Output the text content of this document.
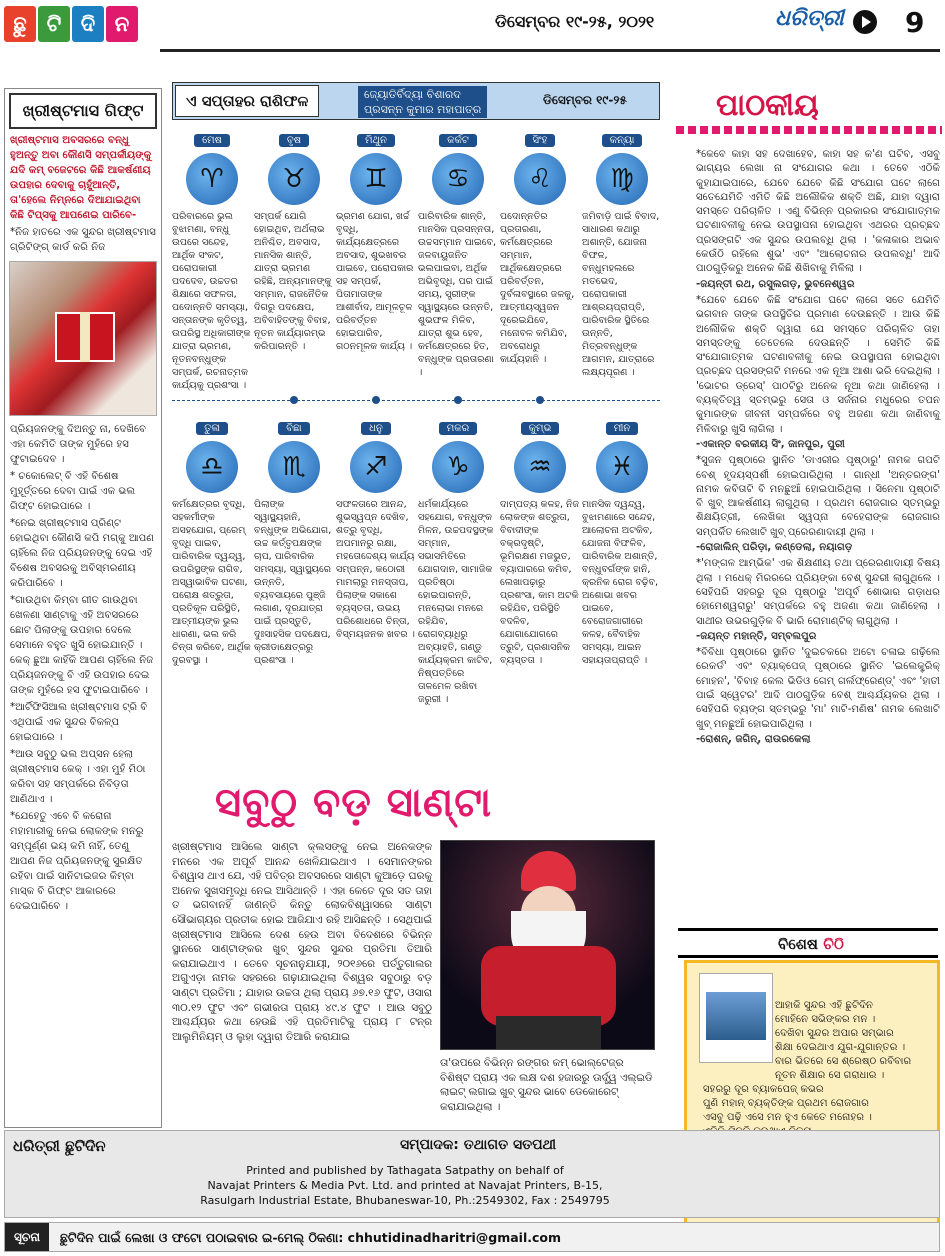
ଛୁ ଟି ଦି ନ	ଡିସେମ୍ବର ୧୯-୨୫, ୨୦୨୧	ଧରିତ୍ରୀ 9
ଖ୍ରୀଷ୍ଟମାସ ଗିଫ୍ଟ

ଖ୍ରୀଷ୍ଟମାସ ଅବସରରେ ବନ୍ଧୁ ହୁଅନ୍ତୁ ଅବା କୌଣସି ସମ୍ପର୍କୀୟଙ୍କୁ ଯଦି କମ୍ ବଜେଟରେ କିଛି ଆକର୍ଷଣୀୟ ଉପହାର ଦେବାକୁ ଚାହୁଁଆନ୍ତି, ତା'ହେଲେ ନିମ୍ନରେ ଦିଆଯାଇଥିବା କିଛି ଟିପ୍ସକୁ ଆପଣେଇ ପାରିବେ-

*ନିଜ ହାତରେ ଏକ ସୁନ୍ଦର ଖ୍ରୀଷ୍ଟମାସ ଗ୍ରିଟିଙ୍ଗ୍ କାର୍ଡ କରି ନିଜ

ପ୍ରିୟଜନଙ୍କୁ ଦିଅନ୍ତୁ ନା, ଦେଖିବେ ଏହା କେମିତି ତାଙ୍କ ମୁହଁରେ ହସ ଫୁଟାଇଦେବ ।

* ଚକୋଲେଟ୍ ବି ଏହି ବିଶେଷ ମୁହୂର୍ତ୍ତରେ ଦେବା ପାଇଁ ଏକ ଭଲ ଗିଫ୍ଟ ହୋଇପାରେ ।

*ନେଇ ଖ୍ରୀଷ୍ଟମାସ ପ୍ରିଣ୍ଟ ହୋଇଥିବା କୌଣସି କପି ମଗ୍‌କୁ ଆପଣ ଚାହିଁଲେ ନିଜ ପ୍ରିୟଜନଙ୍କୁ ଦେଇ ଏହି ବିଶେଷ ଅବସରକୁ ଅବିସ୍ମରଣୀୟ କରିପାରିବେ ।

*ଗାଉଥିବା କିମ୍ବା ଗୀତ ଗାଉଥିବା ଖେଳଣା ସାଣ୍ଟାକୁ ଏହି ଅବସରରେ ଛୋଟ ପିଲାଙ୍କୁ ଉପହାର ଦେଲେ ସେମାନେ ବହୁତ ଖୁସି ହୋଇଯାନ୍ତି । କେକ୍ ଛୁଆ କାହିଁକି ଆପଣ ଚାହିଁଲେ ନିଜ ପ୍ରିୟଜନଙ୍କୁ ବି ଏହି ଉପହାର ଦେଇ ତାଙ୍କ ମୁହଁରେ ହସ ଫୁଟାଇପାରିବେ ।

*ଆର୍ଟିଫିସିଆଲ ଖ୍ରୀଷ୍ଟମାସ ଟ୍ରି ବି ଏଥିପାଇଁ ଏକ ସୁନ୍ଦର ବିକଳ୍ପ ହୋଇପାରେ ।

*ଆଉ ସବୁଠୁ ଭଲ ଅପ୍ସନ ହେଲା ଖ୍ରୀଷ୍ଟମାସ କେକ୍ । ଏହା ମୁହଁ ମିଠା କରିବା ସହ ସମ୍ପର୍କରେ ନିବିଡ଼ତା ଆଣିଥାଏ ।

*ଯେହେତୁ ଏବେ ବି କରୋନା ମହାମାରୀକୁ ନେଇ ଲୋକଙ୍କ ମନରୁ ସମ୍ପୂର୍ଣ୍ଣ ଭୟ କମି ନାହିଁ, ତେଣୁ ଆପଣ ନିଜ ପ୍ରିୟଜନଙ୍କୁ ସୁରକ୍ଷିତ ରହିବା ପାଇଁ ସାନିଟାଇଜର କିମ୍ବା ମାସ୍କ ବି ଗିଫ୍ଟ ଆକାରରେ ଦେଇପାରିବେ ।

ଏ ସପ୍ତାହର ରାଶିଫଳ	ଜ୍ୟୋତିର୍ବିଦ୍ୟା ବିଶାରଦ
ପ୍ରସନ୍ନ କୁମାର ମହାପାତ୍ର
ଡିସେମ୍ବର ୧୯-୨୫
ମେଷ
♈
ପରିବାରରେ ଭୁଲ ବୁଝାମଣା, ବନ୍ଧୁ ଉପରେ ସନ୍ଦେହ, ଆର୍ଥିକ ସଂକଟ, ପରୋପକାରୀ ପଦଦେବ, ଉଚ୍ଚତର ଶିକ୍ଷାରେ ସଫଳତା, ପଦୋନ୍ନତି ସମସ୍ୟା, ସନ୍ତାନଙ୍କ କୃତିତ୍ୱ, ଉପରିସ୍ଥ ଅଧିକାରୀଙ୍କ ଯାତ୍ରା ଭ୍ରମଣ, ନୂତନବନ୍ଧୁଙ୍କ ସମ୍ପର୍କ, ରଚନାତ୍ମକ କାର୍ଯ୍ୟକୁ ପ୍ରଶଂସା ।
ବୃଷ
♉
ସମ୍ପର୍କ ଯୋଗି ହୋଇଥିବ, ଅର୍ଥଲାଭ ଅନିଶ୍ଚିତ, ଅବସାଦ, ମାନସିକ ଶାନ୍ତି, ଯାତ୍ରା ଭ୍ରମଣ ରହିଛି, ଅନ୍ୟମାନଙ୍କୁ ସମ୍ମାନ, ରାଜନୈତିକ ଦିଗରୁ ପଦକ୍ଷେପ, ଅବିବାହିତଙ୍କୁ ବିବାହ, ନୂତନ କାର୍ଯ୍ୟାରମ୍ଭ କରିପାରନ୍ତି ।
ମିଥୁନ
♊
ଭ୍ରମଣ ଯୋଗ, ଖର୍ଚ୍ଚ ବୃଦ୍ଧି, କାର୍ଯ୍ୟକ୍ଷେତ୍ରରେ ଅବସାଦ, ଶୁଭଖବର ପାଇବେ, ପରୋପକାର ସହ ସମ୍ପର୍କ, ପିତାମାତାଙ୍କ ଆଶୀର୍ବାଦ, ଆମୂଳଚୂଳ ପରିବର୍ତ୍ତନ ହୋଇପାରିବ, ଗଠନମୂଳକ କାର୍ଯ୍ୟ ।
କର୍କଟ
♋
ପାରିବାରିକ ଶାନ୍ତି, ମାନସିକ ପ୍ରସନ୍ନତା, ଉଚ୍ଚସମ୍ମାନ ପାଇବେ, ଜଳବାୟୁଜନିତ ଭଲପାଇବା, ଅର୍ଥିକ ଅଭିବୃଦ୍ଧି, ପର ପାଇଁ ସମୟ, ସ୍ତ୍ରୀଙ୍କ ସ୍ୱାସ୍ଥ୍ୟରେ ଉନ୍ନତି, ଶୁଭଫଳ ମିଳିବ, ଯାତ୍ରା ଶୁଭ ହେବ, କର୍ମକ୍ଷେତ୍ରରେ ହିତ, ବନ୍ଧୁଙ୍କ ପ୍ରତାରଣା ।
ସିଂହ
♌
ପଦୋନ୍ନତିର ପ୍ରତାରଣା, କର୍ମକ୍ଷେତ୍ରରେ ସମ୍ମାନ, ଆର୍ଥିକକ୍ଷେତ୍ରରେ ପରିବର୍ତ୍ତନ, ଦୁର୍ବଳାବସ୍ଥାରେ ଜଳକୁ, ଆତ୍ମୀୟସ୍ୱଜନ ଦୂରେଇଯିବେ, ମନୋବଳ କମିଯିବ, ଅବରୋଧରୁ କାର୍ଯ୍ୟହାନି ।
କନ୍ୟା
♍
ଜମିବାଡ଼ି ପାଇଁ ବିବାଦ, ସାଧାରଣ କଥାରୁ ଅଶାନ୍ତି, ଯୋଜନା ବିଫଳ, ବନ୍ଧୁମହଲରେ ମତଭେଦ, ପରୋପକାରୀ ଆଶ୍ରୟପ୍ରାପ୍ତି, ପାରିବାରିକ ସ୍ଥିତିରେ ଉନ୍ନତି, ମିତ୍ରବନ୍ଧୁଙ୍କ ଆଗମନ, ଯାତ୍ରାରେ ଲକ୍ଷ୍ୟପୂରଣ ।
ତୁଳା
♎
କର୍ମକ୍ଷେତ୍ରର ବୃଦ୍ଧି, ସହକର୍ମୀଙ୍କ ଅସହଯୋଗ, ପ୍ରେମ୍ ବୃଦ୍ଧି ପାଇବ, ପାରିବାରିକ ଦ୍ୱନ୍ଦ୍ୱ, ଉପରିସ୍ଥଙ୍କ ରାଗିବ, ଅସ୍ୱାଭାବିକ ଘଟଣା, ପରୋକ୍ଷ ଶତ୍ରୁତା, ପ୍ରତିକୂଳ ପରିସ୍ଥିତି, ଆତ୍ମୀୟଙ୍କ ଭୁଲ ଧାରଣା, ଭଲ କରି ଚିନ୍ତା କରିବେ, ଆର୍ଥିକ ଦୁରବସ୍ଥା ।
ବିଛା
♏
ପିଲାଙ୍କ ସ୍ୱାସ୍ଥ୍ୟହାନି, ବନ୍ଧୁଙ୍କ ଅଭିଯୋଗ, ଉଚ୍ଚ କର୍ତ୍ତୃପକ୍ଷଙ୍କ ଚାପ, ପାରିବାରିକ ସମସ୍ୟା, ସ୍ୱାସ୍ଥ୍ୟରେ ଉନ୍ନତି, ବ୍ୟବସାୟରେ ପୁଞ୍ଜି ଲଗାଣ, ଦୂରଯାତ୍ରା ପାଇଁ ପ୍ରସ୍ତୁତି, ଦୁଃସାହସିକ ପଦକ୍ଷେପ, କ୍ରୀଡାକ୍ଷେତ୍ରରୁ ପ୍ରଶଂସା ।
ଧନୁ
♐
ସଫଳତାରେ ଆନନ୍ଦ, ଶୁଭସ୍ୱପ୍ନ ଦେଖିବ, ଶତ୍ରୁ ବୃଦ୍ଧି, ଅପମାନରୁ ରକ୍ଷା, ମହତୋଦ୍ଦେଶ୍ୟ କାର୍ଯ୍ୟ ସମ୍ପନ୍ନ, କଠୋରୀ ମାମଲାରୁ ମନସ୍ତାପ, ପିଲାଙ୍କ ସକାଶେ ବ୍ୟସ୍ତତା, ଉଭୟ ପରିଶୋଧରେ ଚିନ୍ତା, ବିସ୍ମୟଜନକ ଖବର ।
ମକର
♑
ଧର୍ମକାର୍ଯ୍ୟରେ ସହଯୋଗ, ବନ୍ଧୁଙ୍କ ମିଳନ, ଉଚ୍ଚପଦସ୍ଥଙ୍କ ସମ୍ମାନ, ସଭାସମିତିରେ ଯୋଗଦାନ, ସାମାଜିକ ପ୍ରତିଷ୍ଠା ହୋଇପାରନ୍ତି, ମନଲୋଭା ମନରେ ରହିଯିବ, ରୋଗବ୍ୟାଧିରୁ ଅବ୍ୟାହତି, ଗଣ୍ଡୁ କାର୍ଯ୍ୟକ୍ରମ କାଟିବ, ନିଷ୍ପତ୍ତିରେ ତାଳମେଳ ରଖିବା ଜରୁରୀ ।
କୁମ୍ଭ
♒
ଦାମ୍ପତ୍ୟ କଳହ, ନିଜ ଲୋକଙ୍କ ଶତ୍ରୁତା, ବିବାଦୀଙ୍କ ବକ୍ରଦୃଷ୍ଟି, ଭୂମିରକ୍ଷଣ ମଜଭୁତ, ବ୍ୟାପାରରେ କମିବ, ଲେଖାପଢ଼ାରୁ ପ୍ରଶଂସା, କାମ ଅଟକି ରହିଯିବ, ପରିସ୍ଥିତି ବଦଳିବ, ଯୋଗାଯୋଗରେ ତ୍ରୁଟି, ପ୍ରଶାସନିକ ବ୍ୟସ୍ତତା ।
ମୀନ
♓
ମାନସିକ ଦ୍ୱନ୍ଦ୍ୱ, ବୁଝାମଣାରେ ସନ୍ଦେହ, ଆଲୋଚନା ଅଟକିବ, ଯୋଜନା ବିଫଳିବ, ପାରିବାରିକ ଅଶାନ୍ତି, ବନ୍ଧୁବର୍ଗଙ୍କ ହାନି, କ୍ରନିକ ରୋଗ ବଢ଼ିବ, ଅଶୋଭା ଖବର ପାଇବେ, ବେରୋଜଗାରୀରେ କଳହ, ବୈବାହିକ ସମସ୍ୟା, ଆଇନ ସହାୟତାପ୍ରାପ୍ତି ।
ସବୁଠୁ ବଡ଼ ସାଣ୍ଟା
ଖ୍ରୀଷ୍ଟମାସ ଆସିଲେ ସାଣ୍ଟା କ୍ଲସଙ୍କୁ ନେଇ ଅନେକଙ୍କ ମନରେ ଏକ ଅପୂର୍ବ ଆନନ୍ଦ ଖେଳିଯାଇଥାଏ । ସେମାନଙ୍କର ବିଶ୍ୱାସ ଥାଏ ଯେ, ଏହି ପବିତ୍ର ଅବସରରେ ସାଣ୍ଟା କୁଆଡ଼େ ଘରକୁ ଅନେକ ସୁଖସମୃଦ୍ଧି ନେଇ ଆସିଥାନ୍ତି । ଏହା କେତେ ଦୂର ସତ ତାହା ତ ଭଗବାନହିଁ ଜାଣନ୍ତି କିନ୍ତୁ ଲୋକବିଶ୍ୱାସରେ ସାଣ୍ଟା ସୌଭାଗ୍ୟର ପ୍ରତୀକ ହୋଇ ଆଜିଯାଏ ରହି ଆସିଛନ୍ତି । ସେଥିପାଇଁ ଖ୍ରୀଷ୍ଟମାସ ଆସିଲେ ଦେଶ ହେଉ ଅବା ବିଦେଶରେ ବିଭିନ୍ନ ସ୍ଥାନରେ ସାଣ୍ଟାଙ୍କର ଖୁବ୍ ସୁନ୍ଦର ସୁନ୍ଦର ପ୍ରତିମା ତିଆରି କରାଯାଇଥାଏ । ତେବେ ସୂଚନାନୁଯାୟୀ, ୨୦୧୬ରେ ପର୍ତ୍ତୁଗାଲର ଅଗୁଏଡ଼ା ନାମକ ସହରରେ ଗଢ଼ାଯାଇଥିଲା ବିଶ୍ୱର ସବୁଠାରୁ ବଡ଼ ସାଣ୍ଟା ପ୍ରତିମା ; ଯାହାର ଉଚ୍ଚତା ଥିଲା ପ୍ରାୟ ୬୭.୧୬ ଫୁଟ, ଓସାରା ୩୦.୧୨ ଫୁଟ ଏବଂ ଗଭୀରତା ପ୍ରାୟ ୪୯.୪ ଫୁଟ । ଆଉ ସବୁଠୁ ଆଶ୍ଚର୍ଯ୍ୟର କଥା ହେଉଛି ଏହି ପ୍ରତିମାଟିକୁ ପ୍ରାୟ ୮ ଟନ୍ର ଆଲୁମିନିୟମ୍ ଓ ଲୁହା ଦ୍ୱାରା ତିଆରି କରାଯାଇ
ତା'ଉପରେ ବିଭିନ୍ନ ରଙ୍ଗର କମ୍ ଭୋଲ୍ଟେଜ୍ର ବିଶିଷ୍ଟ ପ୍ରାୟ ଏକ ଲକ୍ଷ ଦଶ ହଜାରରୁ ଊର୍ଦ୍ଧ୍ୱ ଏଲ୍ଇଡି ଲାଇଟ୍ ଲଗାଇ ଖୁବ୍ ସୁନ୍ଦର ଭାବେ ଡେକୋରେଟ୍ କରାଯାଇଥିଲା ।
ପାଠକୀୟ
*କେବେ କାହା ସହ ଦେଖାହେବ, କାହା ସହ କ'ଣ ଘଟିବ, ଏସବୁ ଭାଗ୍ୟର ଲେଖା ନା ସଂଯୋଗର କଥା । ତେବେ ଏଠିକି କୁହାଯାଇପାରେ, ଯେବେ ଯେବେ କିଛି ସଂଯୋଗ ଘଟେ ଲାଗେ ସତେଯେମିତି ଏମିତି କିଛି ଅଲୌକିକ ଶକ୍ତି ଅଛି, ଯାହା ଦ୍ୱାରା ସମସ୍ତେ ପରିଚାଳିତ । ଏଣୁ ବିଭିନ୍ନ ପ୍ରକାରର ସଂଯୋଗାତ୍ମକ ଘଟଣାବଳୀକୁ ନେଇ ଉପସ୍ଥାପନା ହୋଇଥିବା ଏଥରର ପ୍ରଚ୍ଛଦ ପ୍ରସଙ୍ଗଟି ଏକ ସୁନ୍ଦର ଉପଲବ୍ଧି ଥିଲା । 'କଳାକାର ଅଭାବ କେଉଁଠି ରହିଲେ ଶୁଭ' ଏବଂ 'ଆଲୋଚନାର ଉପଲବ୍ଧି' ଆଦି ପାଠଗୁଡ଼ିକରୁ ଅନେକ କିଛି ଶିଖିବାକୁ ମିଳିଲା ।
-ଜୟନ୍ତୀ ରଥ, ରସୁଲଗଡ଼, ଭୁବନେଶ୍ୱର
*ଯେବେ ଯେବେ କିଛି ସଂଯୋଗ ଘଟେ ଲାଗେ ସତେ ଯେମିତି ଭଗବାନ ତାଙ୍କ ଉପସ୍ଥିତିର ପ୍ରମାଣ ଦେଉଛନ୍ତି । ଆଉ କିଛି ଅଲୌକିକ ଶକ୍ତି ଦ୍ୱାରା ଯେ ସମସ୍ତେ ପରିଚାଳିତ ତାହା ସମସ୍ତଙ୍କୁ ତେତେଲେ ଦେଉଛନ୍ତି । ସେମିତି କିଛି ସଂଯୋଗାତ୍ମକ ଘଟଣାବଳୀକୁ ନେଇ ଉପସ୍ଥାପନା ହୋଇଥିବା ପ୍ରଚ୍ଛଦ ପ୍ରସଙ୍ଗଟି ମନରେ ଏକ ନୂଆ ଆଶା ଭରି ଦେଇଥିଲା । 'ଭୋଟର ଡ୍ରେସ୍' ପାଠଟିରୁ ଅନେକ ନୂଆ କଥା ଜାଣିହେଲା । ବ୍ୟକ୍ତିତ୍ୱ ସ୍ତମ୍ଭରୁ ସେତା ଓ ସର୍ଜନାର ମଧୁରେର ତପନ କୁମାରଙ୍କ ଜୀବନୀ ସମ୍ପର୍କରେ ବହୁ ଅଜଣା କଥା ଜାଣିବାକୁ ମିଳିବାରୁ ଖୁସି ଲାଗିଲା ।
-ଏକାନ୍ତ ବରକୀୟ ସିଂ, ଜାନପୁର, ପୁରୀ
*ସୁଜନ ପୃଷ୍ଠାରେ ସ୍ଥାନିତ 'ଡାଏରୀର ପୃଷ୍ଠାରୁ' ନାମକ ଗପଟି ବେଶ୍ ହୃଦୟସ୍ପର୍ଶୀ ହୋଇପାରିଥିଲା । ଗାନ୍ଧୀ 'ଅନ୍ତରଙ୍ଗ' ନାମକ କବିତାଟି ବି ମନଛୁଆଁ ହୋଇପାରିଥିଲା । ସିନେମା ପୃଷ୍ଠାଟି ବି ଖୁବ୍ ଆକର୍ଷଣୀୟ ଲାଗୁଥିଲା । ପ୍ରଥମ ରୋଜଗାର ସ୍ତମ୍ଭରୁ ଶିକ୍ଷୟିତ୍ରୀ, ଲେଖିକା ସ୍ୱପ୍ନା ବେହେରାଙ୍କ ରୋଜଗାର ସମ୍ପର୍କିତ ଲେଖାଟି ଖୁବ୍ ପ୍ରେରଣାଦାୟୀ ଥିଲା ।
-ରୋଜାଲିନ୍ ପରିଡ଼ା, କଣ୍ଡେଲା, ନୟାଗଡ଼
*'ମଙ୍ଗଳ ଆମ୍ଭିକ' ଏକ ଶିକ୍ଷଣୀୟ ତଥା ପ୍ରେରଣାଦାୟୀ ବିଷୟ ଥିଲା । ମଧେକ୍ ମିରରରେ ପ୍ରିୟଙ୍କା ବେଶ୍ ସୁନ୍ଦରୀ ଲାଗୁଥିଲେ । ସେହିପରି ସହରରୁ ଦୂର ପୃଷ୍ଠାରୁ 'ଅପୂର୍ବ ଶୋଭାର ଗଡ଼ାଧର ହୋମେଶ୍ୱରାରୁ' ସମ୍ପର୍କରେ ବହୁ ଅଜଣା କଥା ଜାଣିହେଲା । ସାଥୀର ଉଭରଗୁଡ଼ିକ ବି ଭାରି ରୋମାଣ୍ଟିକ୍ ଲାଗୁଥିଲା ।
-ଜୟନ୍ତ ମହାନ୍ତି, ସମ୍ବଲପୁର
*ବିବିଧା ପୃଷ୍ଠାରେ ସ୍ଥାନିତ 'ଦୁଇଚକରେ ଅଟୋ ଚଳାଇ ଗଢ଼ିଲେ ରେକର୍ଡ' ଏବଂ ବ୍ୟାକ୍‌ପେଜ୍ ପୃଷ୍ଠାରେ ସ୍ଥାନିତ 'ଇଲେକ୍ଟ୍ରିକ୍ ମୋହନ', 'ବିବାହ କେଲ ଭିଡିଓ ଗେମ୍ ଗର୍ଲଫ୍ରେଣ୍ଡ୍' ଏବଂ 'ହାତୀ ପାଇଁ ସ୍ୱେଟର' ଆଦି ପାଠଗୁଡ଼ିକ ବେଶ୍ ଆଶ୍ଚର୍ଯ୍ୟକର ଥିଲା । ସେହିପରି ବ୍ୟଙ୍ଗ ସ୍ତମ୍ଭରୁ 'ମା' ମାଟି-ମଣିଷ' ନାମକ ଲେଖାଟି ଖୁବ୍ ମନଛୁଆଁ ହୋଇପାରିଥିଲା ।
-ରୋଶନ୍, ଜଗିନ୍, ରାଉରକେଲା
ବିଶେଷ ଚିଠି
ଆହାକି ସୁନ୍ଦର ଏହି ଛୁଟିଦିନ
ମୋହିନେ ସଭିଙ୍କର ମନ ।
ଦେଖିବା ସୁନ୍ଦର ଅପାର ସମ୍ଭାର
ଶିକ୍ଷା ଦେଇଥାଏ ଯୁଗ-ଯୁଗାନ୍ତର ।
ବାର ଭିତରେ ସେ ଶ୍ରେଷ୍ଠ ରବିବାର
ନୂତନ ଶିକ୍ଷାର ସେ ଗରାଧାର ।
ସହରରୁ ଦୂର ବ୍ୟାକପେଜ୍ କଭର
ପୁଣି ମହାନ୍ ବ୍ୟକ୍ତିଙ୍କ ପ୍ରଥମ ରୋଜଗାର
ଏସବୁ ପଢ଼ି ଏସେ ମନ ହୁଏ କେତେ ମନୋହର ।
ଧରିତ୍ରୀ ଛୁଟିଦିନ	ସମ୍ପାଦକ: ତଥାଗତ ସତପଥୀ
Printed and published by Tathagata Satpathy on behalf of
Navajat Printers & Media Pvt. Ltd. and printed at Navajat Printers, B-15,
Rasulgarh Industrial Estate, Bhubaneswar-10, Ph.:2549302, Fax : 2549795
ସୂଚନା	ଛୁଟିଦିନ ପାଇଁ ଲେଖା ଓ ଫଟୋ ପଠାଇବାର ଇ-ମେଲ୍ ଠିକଣା: chhutidinadharitri@gmail.com
